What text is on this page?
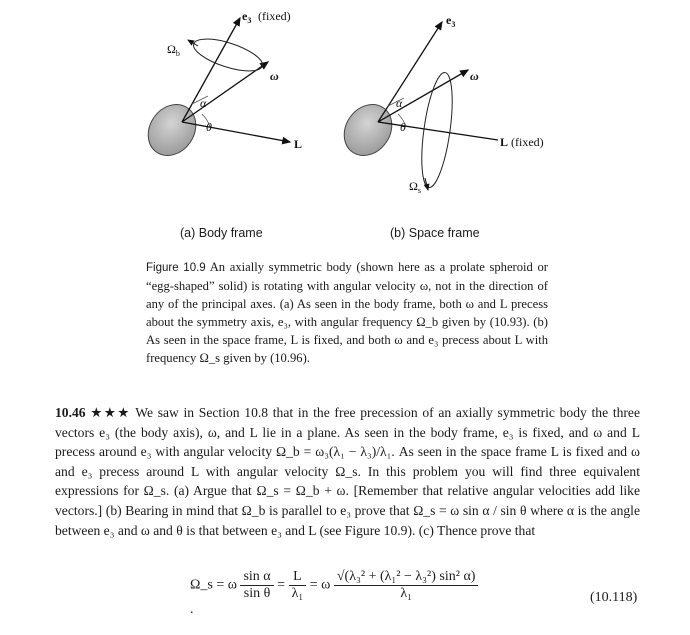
$e_3$ (fixed)
$\Omega_b$
ω
α
θ
L
$e_3$
ω
α
θ
L (fixed)
$\Omega_s$
(a) Body frame	(b) Space frame
Figure 10.9 An axially symmetric body (shown here as a prolate spheroid or “egg-shaped” solid) is rotating with angular velocity ω, not in the direction of any of the principal axes. (a) As seen in the body frame, both ω and L precess about the symmetry axis, e₃, with angular frequency Ω_b given by (10.93). (b) As seen in the space frame, L is fixed, and both ω and e₃ precess about L with frequency Ω_s given by (10.96).
10.46 ★★★ We saw in Section 10.8 that in the free precession of an axially symmetric body the three vectors e₃ (the body axis), ω, and L lie in a plane. As seen in the body frame, e₃ is fixed, and ω and L precess around e₃ with angular velocity Ω_b = ω₃(λ₁ − λ₃)/λ₁. As seen in the space frame L is fixed and ω and e₃ precess around L with angular velocity Ω_s. In this problem you will find three equivalent expressions for Ω_s. (a) Argue that Ω_s = Ω_b + ω. [Remember that relative angular velocities add like vectors.] (b) Bearing in mind that Ω_b is parallel to e₃ prove that Ω_s = ω sin α / sin θ where α is the angle between e₃ and ω and θ is that between e₃ and L (see Figure 10.9). (c) Thence prove that
Ω_s = ω $\frac{\text{sin α}}{\text{sin θ}} = \frac{L}{\text{λ₁}} = \omega \frac{\text{√(λ₃² + (λ₁² − λ₃²) sin² α)}}{\text{λ₁}}$
.
(10.118)
